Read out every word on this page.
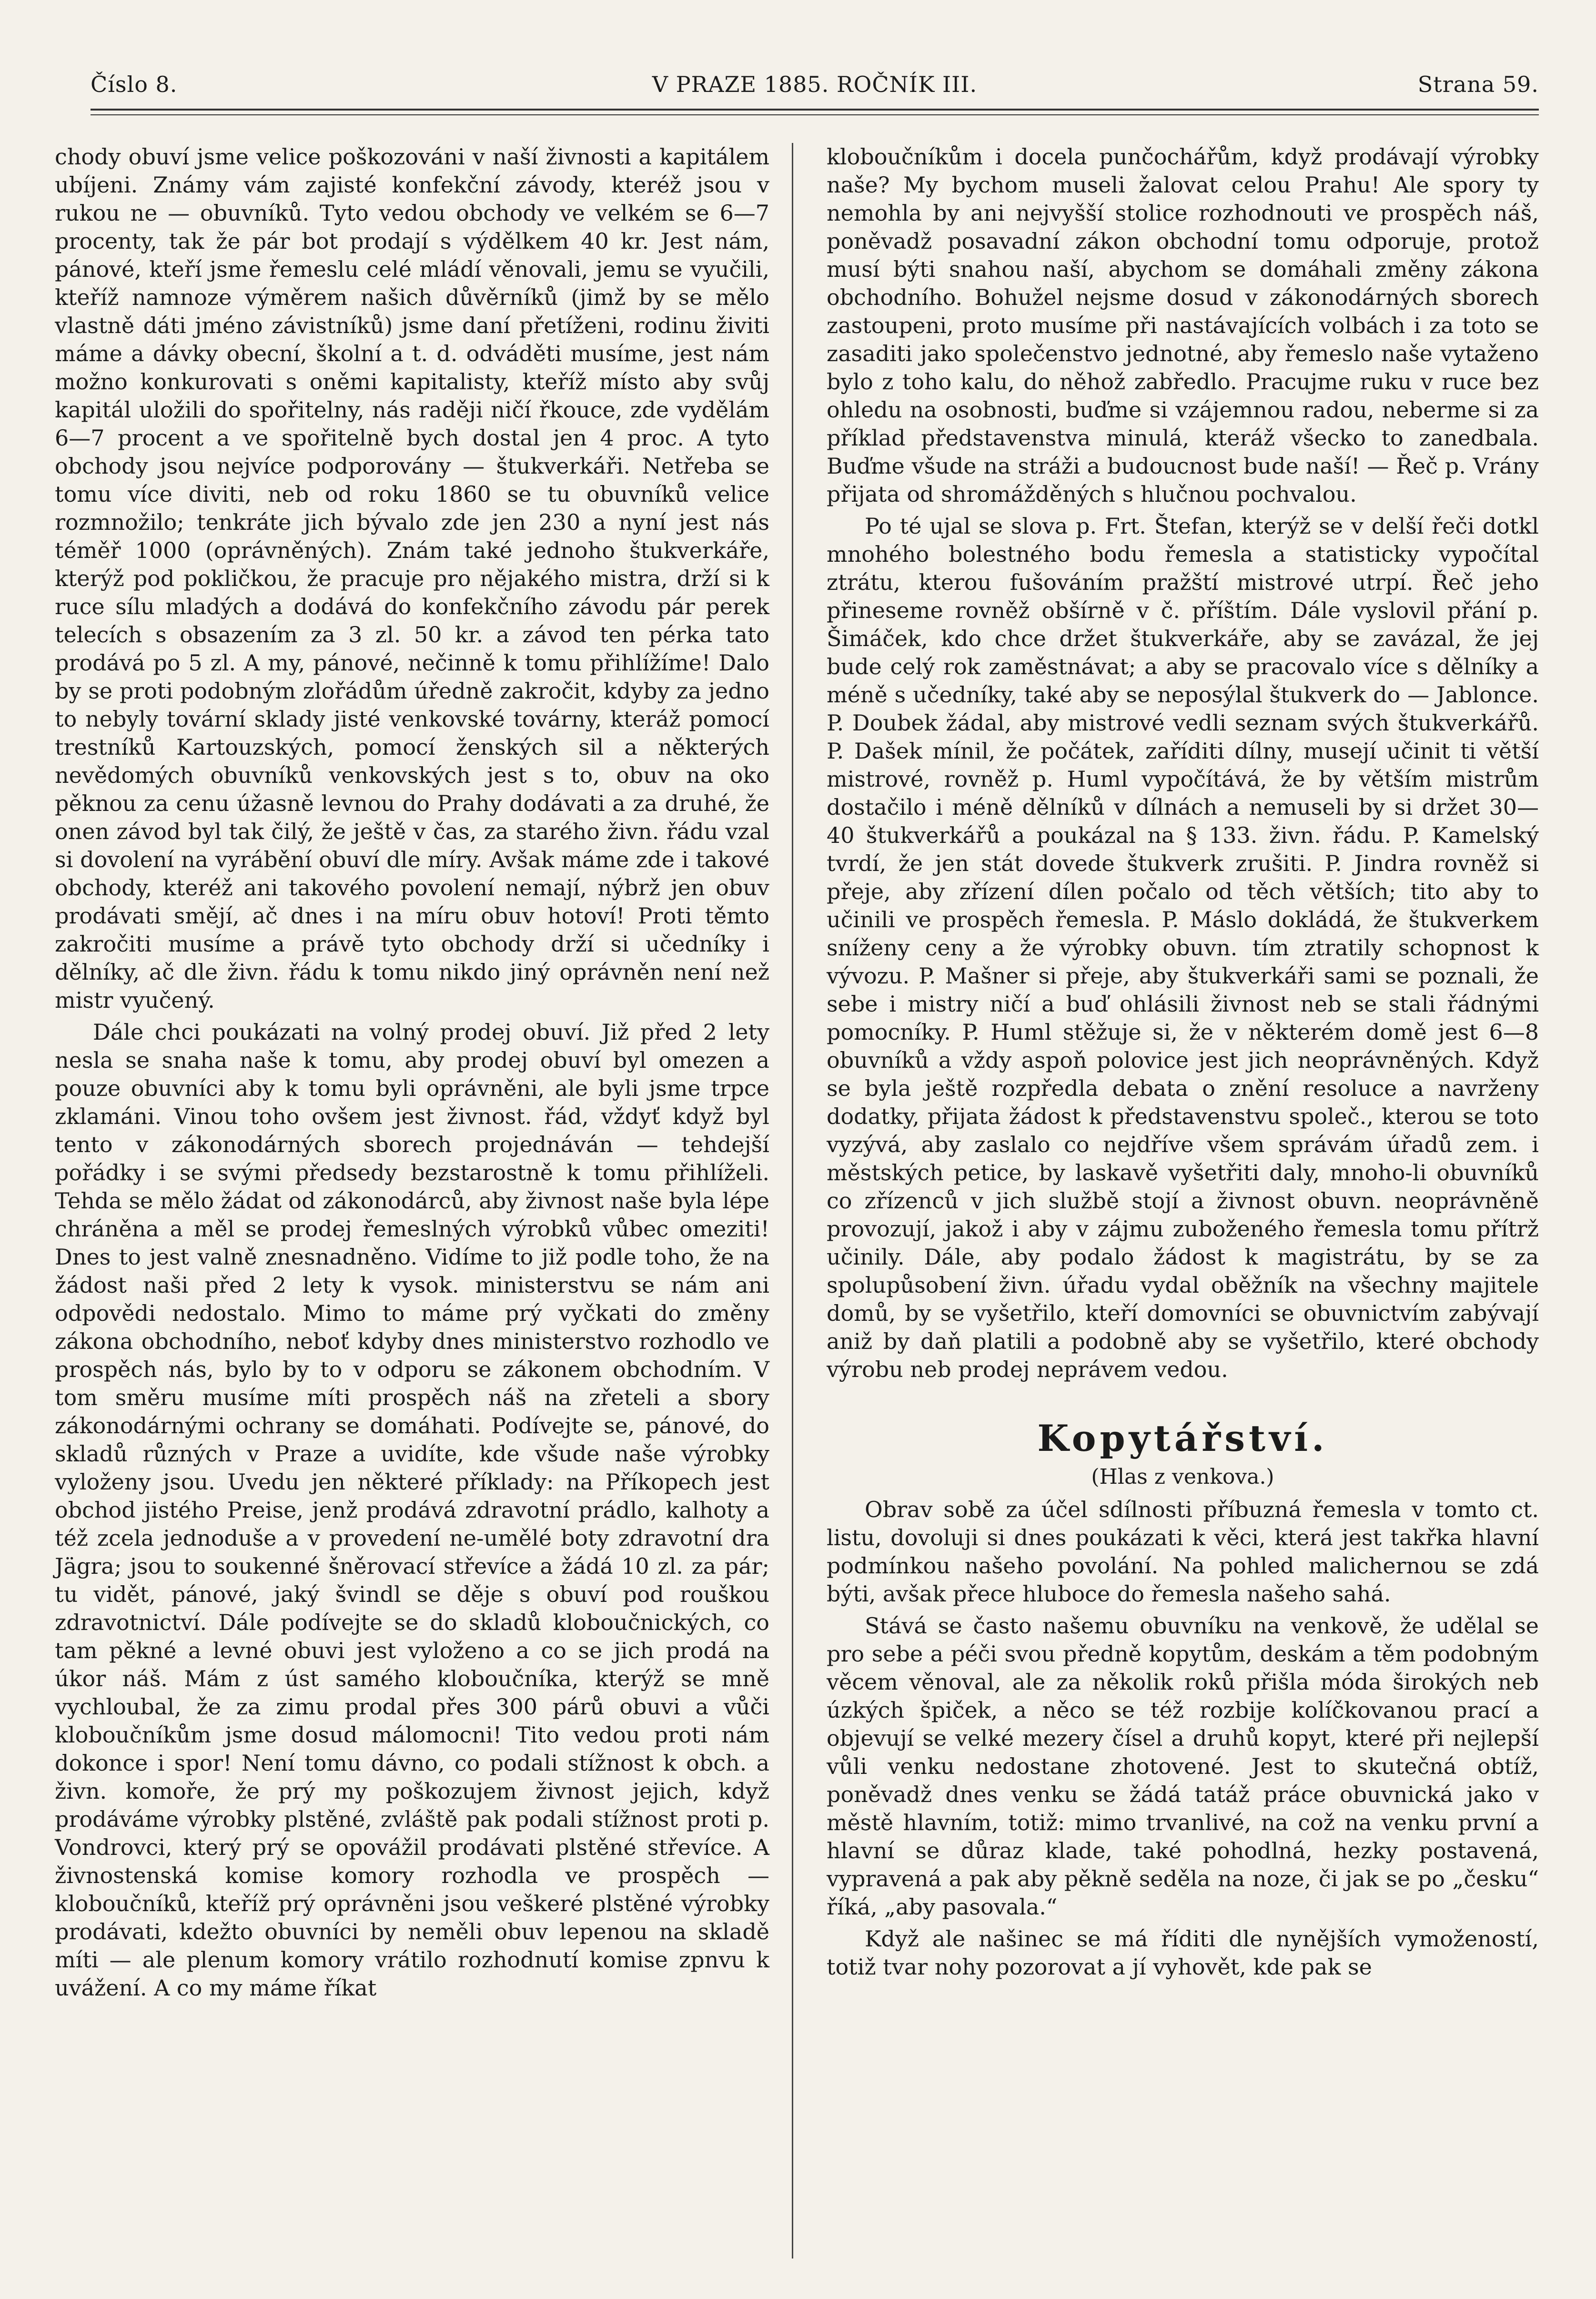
Číslo 8.	V PRAZE 1885. ROČNÍK III.	Strana 59.

chody obuví jsme velice poškozováni v naší živnosti a kapitálem ubíjeni. Známy vám zajisté konfekční závody, kteréž jsou v rukou ne — obuvníků. Tyto vedou obchody ve velkém se 6—7 procenty, tak že pár bot prodají s výdělkem 40 kr. Jest nám, pánové, kteří jsme řemeslu celé mládí věnovali, jemu se vyučili, kteříž namnoze výměrem našich důvěrníků (jimž by se mělo vlastně dáti jméno závistníků) jsme daní přetíženi, rodinu živiti máme a dávky obecní, školní a t. d. odváděti musíme, jest nám možno konkurovati s oněmi kapitalisty, kteříž místo aby svůj kapitál uložili do spořitelny, nás raději ničí řkouce, zde vydělám 6—7 procent a ve spořitelně bych dostal jen 4 proc. A tyto obchody jsou nejvíce podporovány — štukverkáři. Netřeba se tomu více diviti, neb od roku 1860 se tu obuvníků velice rozmnožilo; tenkráte jich bývalo zde jen 230 a nyní jest nás téměř 1000 (oprávněných). Znám také jednoho štukverkáře, kterýž pod pokličkou, že pracuje pro nějakého mistra, drží si k ruce sílu mladých a dodává do konfekčního závodu pár perek telecích s obsazením za 3 zl. 50 kr. a závod ten pérka tato prodává po 5 zl. A my, pánové, nečinně k tomu přihlížíme! Dalo by se proti podobným zlořádům úředně zakročit, kdyby za jedno to nebyly tovární sklady jisté venkovské továrny, kteráž pomocí trestníků Kartouzských, pomocí ženských sil a některých nevědomých obuvníků venkovských jest s to, obuv na oko pěknou za cenu úžasně levnou do Prahy dodávati a za druhé, že onen závod byl tak čilý, že ještě v čas, za starého živn. řádu vzal si dovolení na vyrábění obuví dle míry. Avšak máme zde i takové obchody, kteréž ani takového povolení nemají, nýbrž jen obuv prodávati smějí, ač dnes i na míru obuv hotoví! Proti těmto zakročiti musíme a právě tyto obchody drží si učedníky i dělníky, ač dle živn. řádu k tomu nikdo jiný oprávněn není než mistr vyučený.

Dále chci poukázati na volný prodej obuví. Již před 2 lety nesla se snaha naše k tomu, aby prodej obuví byl omezen a pouze obuvníci aby k tomu byli oprávněni, ale byli jsme trpce zklamáni. Vinou toho ovšem jest živnost. řád, vždyť když byl tento v zákonodárných sborech projednáván — tehdejší pořádky i se svými předsedy bezstarostně k tomu přihlíželi. Tehda se mělo žádat od zákonodárců, aby živnost naše byla lépe chráněna a měl se prodej řemeslných výrobků vůbec omeziti! Dnes to jest valně znesnadněno. Vidíme to již podle toho, že na žádost naši před 2 lety k vysok. ministerstvu se nám ani odpovědi nedostalo. Mimo to máme prý vyčkati do změny zákona obchodního, neboť kdyby dnes ministerstvo rozhodlo ve prospěch nás, bylo by to v odporu se zákonem obchodním. V tom směru musíme míti prospěch náš na zřeteli a sbory zákonodárnými ochrany se domáhati. Podívejte se, pánové, do skladů různých v Praze a uvidíte, kde všude naše výrobky vyloženy jsou. Uvedu jen některé příklady: na Příkopech jest obchod jistého Preise, jenž prodává zdravotní prádlo, kalhoty a též zcela jednoduše a v provedení ne-umělé boty zdravotní dra Jägra; jsou to soukenné šněrovací střevíce a žádá 10 zl. za pár; tu vidět, pánové, jaký švindl se děje s obuví pod rouškou zdravotnictví. Dále podívejte se do skladů kloboučnických, co tam pěkné a levné obuvi jest vyloženo a co se jich prodá na úkor náš. Mám z úst samého kloboučníka, kterýž se mně vychloubal, že za zimu prodal přes 300 párů obuvi a vůči kloboučníkům jsme dosud málomocni! Tito vedou proti nám dokonce i spor! Není tomu dávno, co podali stížnost k obch. a živn. komoře, že prý my poškozujem živnost jejich, když prodáváme výrobky plstěné, zvláště pak podali stížnost proti p. Vondrovci, který prý se opovážil prodávati plstěné střevíce. A živnostenská komise komory rozhodla ve prospěch — kloboučníků, kteříž prý oprávněni jsou veškeré plstěné výrobky prodávati, kdežto obuvníci by neměli obuv lepenou na skladě míti — ale plenum komory vrátilo rozhodnutí komise zpnvu k uvážení. A co my máme říkat

kloboučníkům i docela punčochářům, když prodávají výrobky naše? My bychom museli žalovat celou Prahu! Ale spory ty nemohla by ani nejvyšší stolice rozhodnouti ve prospěch náš, poněvadž posavadní zákon obchodní tomu odporuje, protož musí býti snahou naší, abychom se domáhali změny zákona obchodního. Bohužel nejsme dosud v zákonodárných sborech zastoupeni, proto musíme při nastávajících volbách i za toto se zasaditi jako společenstvo jednotné, aby řemeslo naše vytaženo bylo z toho kalu, do něhož zabředlo. Pracujme ruku v ruce bez ohledu na osobnosti, buďme si vzájemnou radou, neberme si za příklad představenstva minulá, kteráž všecko to zanedbala. Buďme všude na stráži a budoucnost bude naší! — Řeč p. Vrány přijata od shromážděných s hlučnou pochvalou.

Po té ujal se slova p. Frt. Štefan, kterýž se v delší řeči dotkl mnohého bolestného bodu řemesla a statisticky vypočítal ztrátu, kterou fušováním pražští mistrové utrpí. Řeč jeho přineseme rovněž obšírně v č. příštím. Dále vyslovil přání p. Šimáček, kdo chce držet štukverkáře, aby se zavázal, že jej bude celý rok zaměstnávat; a aby se pracovalo více s dělníky a méně s učedníky, také aby se neposýlal štukverk do — Jablonce. P. Doubek žádal, aby mistrové vedli seznam svých štukverkářů. P. Dašek mínil, že počátek, zaříditi dílny, musejí učinit ti větší mistrové, rovněž p. Huml vypočítává, že by větším mistrům dostačilo i méně dělníků v dílnách a nemuseli by si držet 30—40 štukverkářů a poukázal na § 133. živn. řádu. P. Kamelský tvrdí, že jen stát dovede štukverk zrušiti. P. Jindra rovněž si přeje, aby zřízení dílen počalo od těch větších; tito aby to učinili ve prospěch řemesla. P. Máslo dokládá, že štukverkem sníženy ceny a že výrobky obuvn. tím ztratily schopnost k vývozu. P. Mašner si přeje, aby štukverkáři sami se poznali, že sebe i mistry ničí a buď ohlásili živnost neb se stali řádnými pomocníky. P. Huml stěžuje si, že v některém domě jest 6—8 obuvníků a vždy aspoň polovice jest jich neoprávněných. Když se byla ještě rozpředla debata o znění resoluce a navrženy dodatky, přijata žádost k představenstvu společ., kterou se toto vyzývá, aby zaslalo co nejdříve všem správám úřadů zem. i městských petice, by laskavě vyšetřiti daly, mnoho-li obuvníků co zřízenců v jich službě stojí a živnost obuvn. neoprávněně provozují, jakož i aby v zájmu zuboženého řemesla tomu přítrž učinily. Dále, aby podalo žádost k magistrátu, by se za spolupůsobení živn. úřadu vydal oběžník na všechny majitele domů, by se vyšetřilo, kteří domovníci se obuvnictvím zabývají aniž by daň platili a podobně aby se vyšetřilo, které obchody výrobu neb prodej neprávem vedou.

Kopytářství.
(Hlas z venkova.)

Obrav sobě za účel sdílnosti příbuzná řemesla v tomto ct. listu, dovoluji si dnes poukázati k věci, která jest takřka hlavní podmínkou našeho povolání. Na pohled malichernou se zdá býti, avšak přece hluboce do řemesla našeho sahá.

Stává se často našemu obuvníku na venkově, že udělal se pro sebe a péči svou předně kopytům, deskám a těm podobným věcem věnoval, ale za několik roků přišla móda širokých neb úzkých špiček, a něco se též rozbije kolíčkovanou prací a objevují se velké mezery čísel a druhů kopyt, které při nejlepší vůli venku nedostane zhotovené. Jest to skutečná obtíž, poněvadž dnes venku se žádá tatáž práce obuvnická jako v městě hlavním, totiž: mimo trvanlivé, na což na venku první a hlavní se důraz klade, také pohodlná, hezky postavená, vypravená a pak aby pěkně seděla na noze, či jak se po „česku“ říká, „aby pasovala.“

Když ale našinec se má říditi dle nynějších vymožeností, totiž tvar nohy pozorovat a jí vyhovět, kde pak se
